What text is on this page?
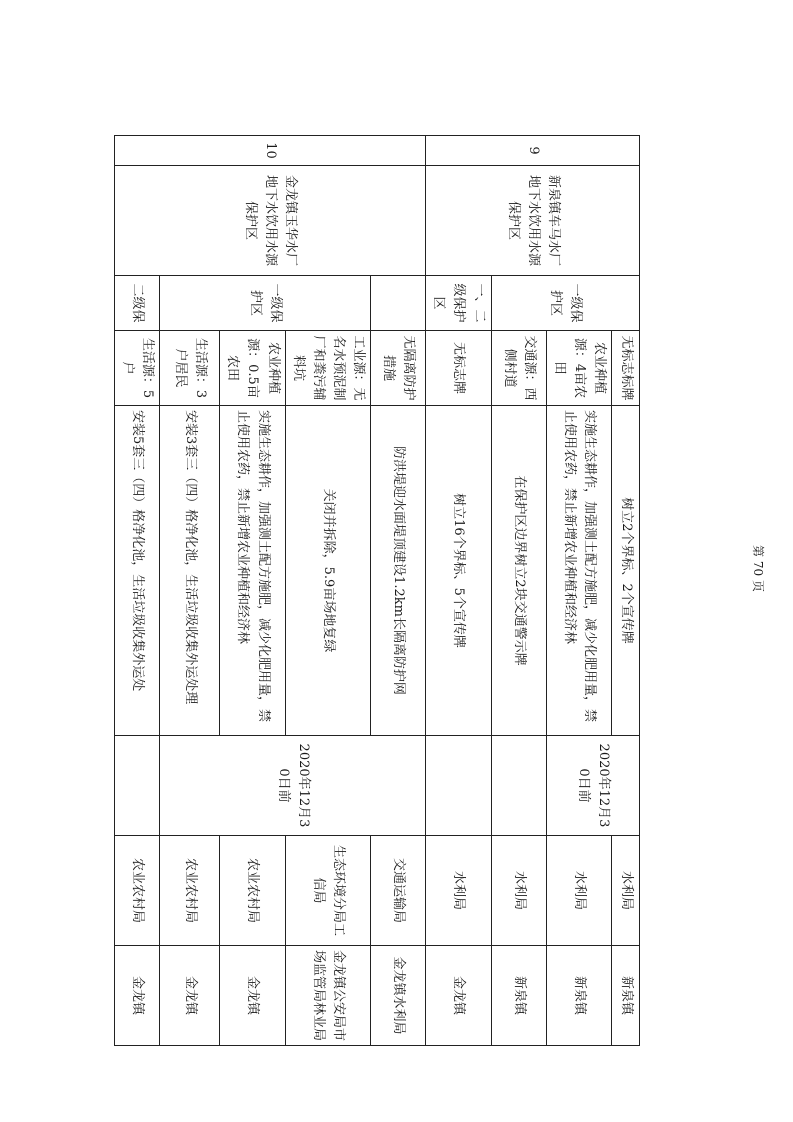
9	新泉镇车马水厂地下水饮用水源保护区	一级保护区	无标志标牌	树立2个界标、2个宣传牌	2020年12月30日前	水利局	新泉镇
			农业种植源：4亩农田	实施生态耕作，加强测土配方施肥，减少化肥用量，禁止使用农药，禁止新增农业种植和经济林		水利局	新泉镇
			交通源：西侧村道	在保护区边界树立2块交通警示牌		水利局	新泉镇
		一、二级保护区	无标志牌	树立16个界标、5个宣传牌		水利局	金龙镇
10	金龙镇玉华水厂地下水饮用水源保护区		无隔离防护措施	防洪堤迎水面堤顶建设1.2km长隔离防护网	2020年12月30日前	交通运输局	金龙镇水利局
		一级保护区	工业源：无名水预泥制厂和粪污辅料坑	关闭并拆除，5.9亩场地复绿		生态环境分局工信局	金龙镇公安局市场监管局林业局
			农业种植源：0.5亩农田	实施生态耕作，加强测土配方施肥，减少化肥用量，禁止使用农药，禁止新增农业种植和经济林		农业农村局	金龙镇
			生活源：3户居民	安装3套三（四）格净化池，生活垃圾收集外运处理		农业农村局	金龙镇
		二级保	生活源：5户	安装5套三（四）格净化池，生活垃圾收集外运处		农业农村局	金龙镇
第 70 页
